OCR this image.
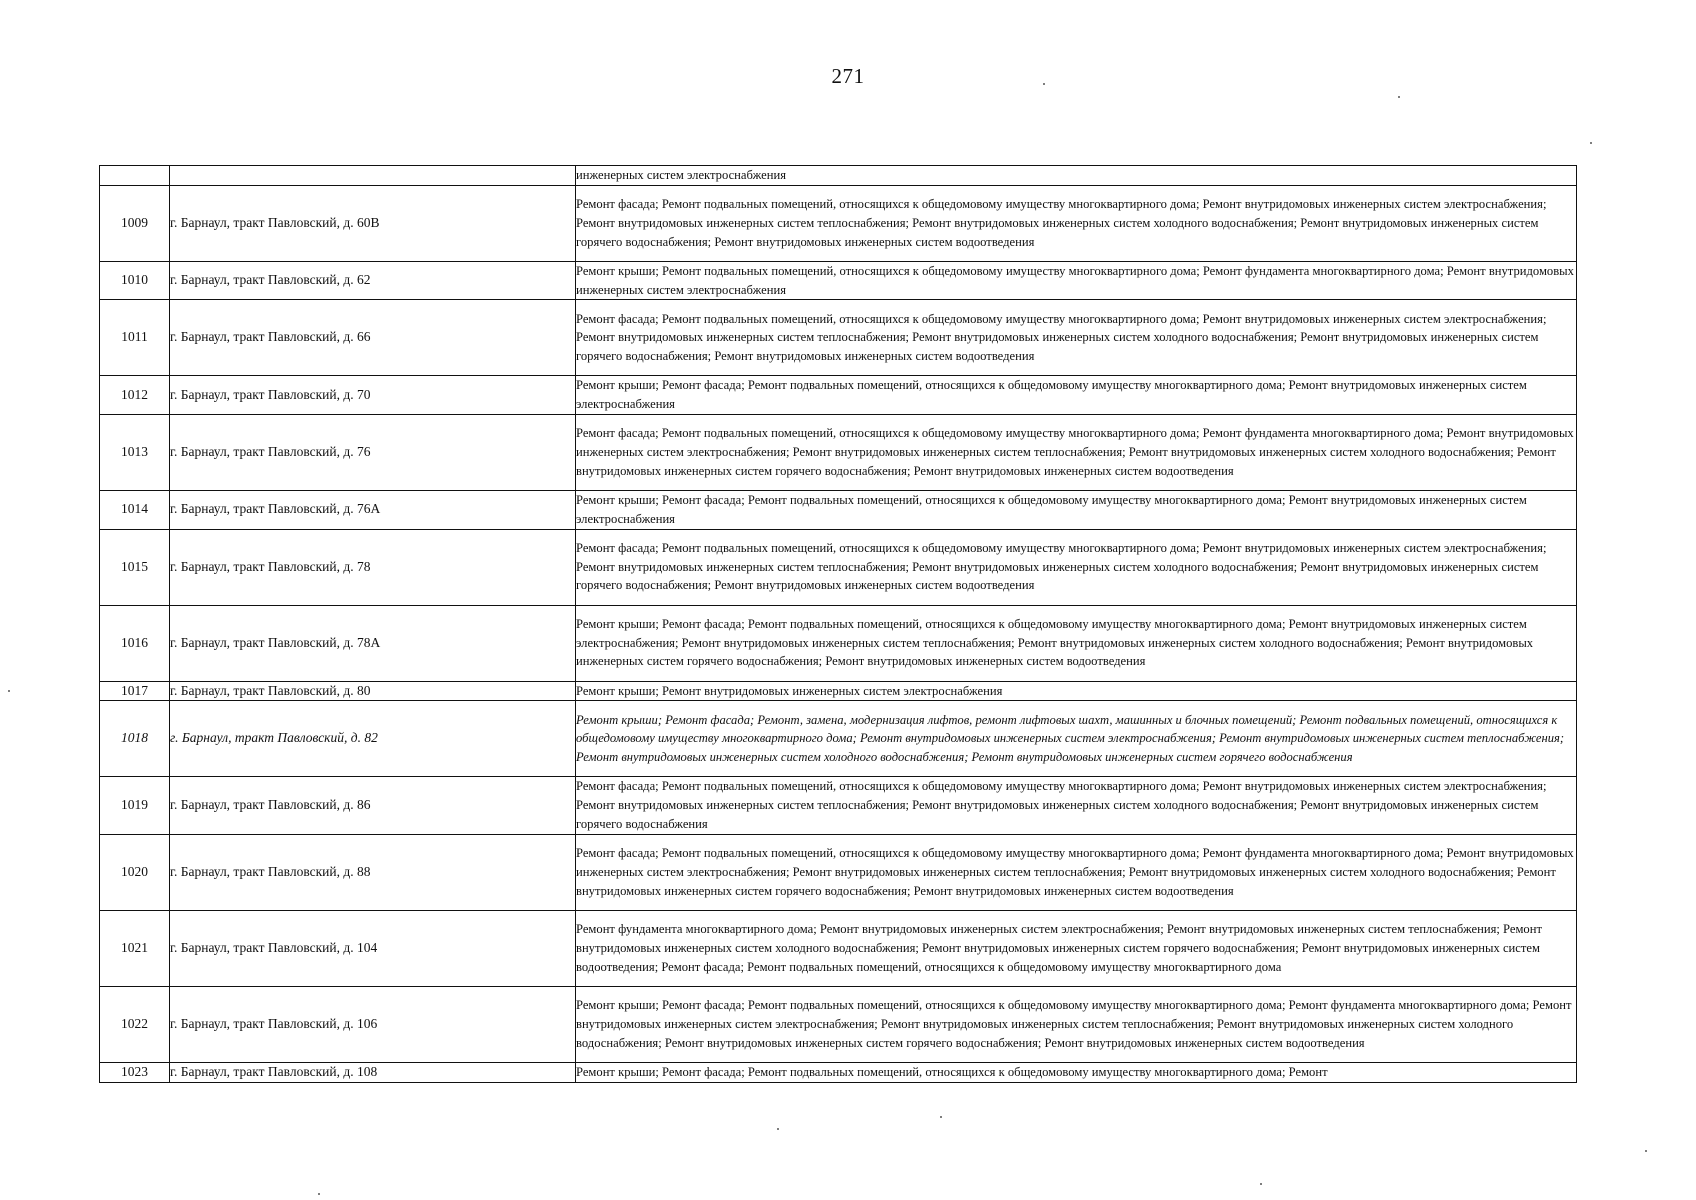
271
		инженерных систем электроснабжения
1009	г. Барнаул, тракт Павловский, д. 60В	Ремонт фасада; Ремонт подвальных помещений, относящихся к общедомовому имуществу многоквартирного дома; Ремонт внутридомовых инженерных систем электроснабжения; Ремонт внутридомовых инженерных систем теплоснабжения; Ремонт внутридомовых инженерных систем холодного водоснабжения; Ремонт внутридомовых инженерных систем горячего водоснабжения; Ремонт внутридомовых инженерных систем водоотведения
1010	г. Барнаул, тракт Павловский, д. 62	Ремонт крыши; Ремонт подвальных помещений, относящихся к общедомовому имуществу многоквартирного дома; Ремонт фундамента многоквартирного дома; Ремонт внутридомовых инженерных систем электроснабжения
1011	г. Барнаул, тракт Павловский, д. 66	Ремонт фасада; Ремонт подвальных помещений, относящихся к общедомовому имуществу многоквартирного дома; Ремонт внутридомовых инженерных систем электроснабжения; Ремонт внутридомовых инженерных систем теплоснабжения; Ремонт внутридомовых инженерных систем холодного водоснабжения; Ремонт внутридомовых инженерных систем горячего водоснабжения; Ремонт внутридомовых инженерных систем водоотведения
1012	г. Барнаул, тракт Павловский, д. 70	Ремонт крыши; Ремонт фасада; Ремонт подвальных помещений, относящихся к общедомовому имуществу многоквартирного дома; Ремонт внутридомовых инженерных систем электроснабжения
1013	г. Барнаул, тракт Павловский, д. 76	Ремонт фасада; Ремонт подвальных помещений, относящихся к общедомовому имуществу многоквартирного дома; Ремонт фундамента многоквартирного дома; Ремонт внутридомовых инженерных систем электроснабжения; Ремонт внутридомовых инженерных систем теплоснабжения; Ремонт внутридомовых инженерных систем холодного водоснабжения; Ремонт внутридомовых инженерных систем горячего водоснабжения; Ремонт внутридомовых инженерных систем водоотведения
1014	г. Барнаул, тракт Павловский, д. 76А	Ремонт крыши; Ремонт фасада; Ремонт подвальных помещений, относящихся к общедомовому имуществу многоквартирного дома; Ремонт внутридомовых инженерных систем электроснабжения
1015	г. Барнаул, тракт Павловский, д. 78	Ремонт фасада; Ремонт подвальных помещений, относящихся к общедомовому имуществу многоквартирного дома; Ремонт внутридомовых инженерных систем электроснабжения; Ремонт внутридомовых инженерных систем теплоснабжения; Ремонт внутридомовых инженерных систем холодного водоснабжения; Ремонт внутридомовых инженерных систем горячего водоснабжения; Ремонт внутридомовых инженерных систем водоотведения
1016	г. Барнаул, тракт Павловский, д. 78А	Ремонт крыши; Ремонт фасада; Ремонт подвальных помещений, относящихся к общедомовому имуществу многоквартирного дома; Ремонт внутридомовых инженерных систем электроснабжения; Ремонт внутридомовых инженерных систем теплоснабжения; Ремонт внутридомовых инженерных систем холодного водоснабжения; Ремонт внутридомовых инженерных систем горячего водоснабжения; Ремонт внутридомовых инженерных систем водоотведения
1017	г. Барнаул, тракт Павловский, д. 80	Ремонт крыши; Ремонт внутридомовых инженерных систем электроснабжения
1018	г. Барнаул, тракт Павловский, д. 82	Ремонт крыши; Ремонт фасада; Ремонт, замена, модернизация лифтов, ремонт лифтовых шахт, машинных и блочных помещений; Ремонт подвальных помещений, относящихся к общедомовому имуществу многоквартирного дома; Ремонт внутридомовых инженерных систем электроснабжения; Ремонт внутридомовых инженерных систем теплоснабжения; Ремонт внутридомовых инженерных систем холодного водоснабжения; Ремонт внутридомовых инженерных систем горячего водоснабжения
1019	г. Барнаул, тракт Павловский, д. 86	Ремонт фасада; Ремонт подвальных помещений, относящихся к общедомовому имуществу многоквартирного дома; Ремонт внутридомовых инженерных систем электроснабжения; Ремонт внутридомовых инженерных систем теплоснабжения; Ремонт внутридомовых инженерных систем холодного водоснабжения; Ремонт внутридомовых инженерных систем горячего водоснабжения
1020	г. Барнаул, тракт Павловский, д. 88	Ремонт фасада; Ремонт подвальных помещений, относящихся к общедомовому имуществу многоквартирного дома; Ремонт фундамента многоквартирного дома; Ремонт внутридомовых инженерных систем электроснабжения; Ремонт внутридомовых инженерных систем теплоснабжения; Ремонт внутридомовых инженерных систем холодного водоснабжения; Ремонт внутридомовых инженерных систем горячего водоснабжения; Ремонт внутридомовых инженерных систем водоотведения
1021	г. Барнаул, тракт Павловский, д. 104	Ремонт фундамента многоквартирного дома; Ремонт внутридомовых инженерных систем электроснабжения; Ремонт внутридомовых инженерных систем теплоснабжения; Ремонт внутридомовых инженерных систем холодного водоснабжения; Ремонт внутридомовых инженерных систем горячего водоснабжения; Ремонт внутридомовых инженерных систем водоотведения; Ремонт фасада; Ремонт подвальных помещений, относящихся к общедомовому имуществу многоквартирного дома
1022	г. Барнаул, тракт Павловский, д. 106	Ремонт крыши; Ремонт фасада; Ремонт подвальных помещений, относящихся к общедомовому имуществу многоквартирного дома; Ремонт фундамента многоквартирного дома; Ремонт внутридомовых инженерных систем электроснабжения; Ремонт внутридомовых инженерных систем теплоснабжения; Ремонт внутридомовых инженерных систем холодного водоснабжения; Ремонт внутридомовых инженерных систем горячего водоснабжения; Ремонт внутридомовых инженерных систем водоотведения
1023	г. Барнаул, тракт Павловский, д. 108	Ремонт крыши; Ремонт фасада; Ремонт подвальных помещений, относящихся к общедомовому имуществу многоквартирного дома; Ремонт
